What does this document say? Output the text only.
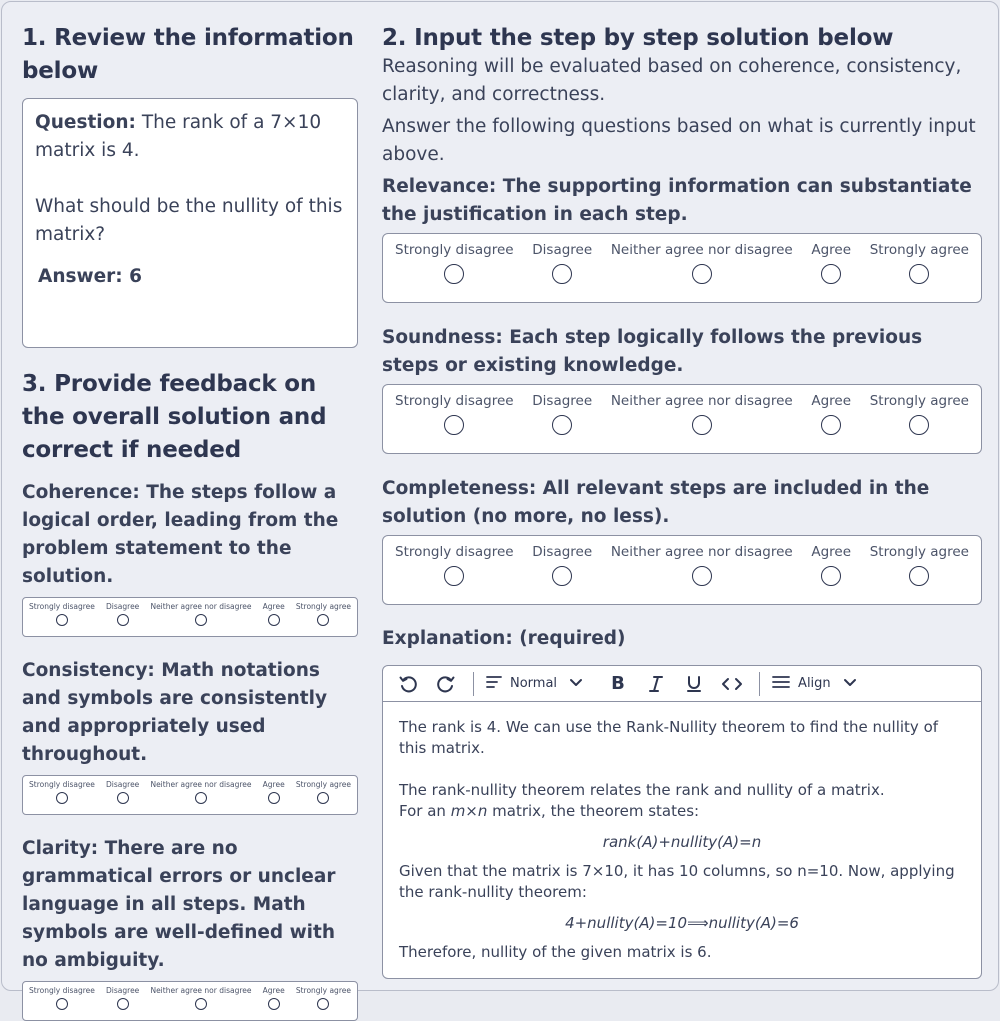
1. Review the information below
Question: The rank of a 7×10 matrix is 4.
What should be the nullity of this matrix?
Answer: 6
3. Provide feedback on the overall solution and correct if needed
Coherence: The steps follow a logical order, leading from the problem statement to the solution.
Strongly disagree Disagree Neither agree nor disagree Agree Strongly agree
Consistency: Math notations and symbols are consistently and appropriately used throughout.
Strongly disagree Disagree Neither agree nor disagree Agree Strongly agree
Clarity: There are no grammatical errors or unclear language in all steps. Math symbols are well-defined with no ambiguity.
Strongly disagree Disagree Neither agree nor disagree Agree Strongly agree
2. Input the step by step solution below
Reasoning will be evaluated based on coherence, consistency, clarity, and correctness.
Answer the following questions based on what is currently input above.
Relevance: The supporting information can substantiate the justification in each step.
Strongly disagree Disagree Neither agree nor disagree Agree Strongly agree
Soundness: Each step logically follows the previous steps or existing knowledge.
Strongly disagree Disagree Neither agree nor disagree Agree Strongly agree
Completeness: All relevant steps are included in the solution (no more, no less).
Strongly disagree Disagree Neither agree nor disagree Agree Strongly agree
Explanation: (required)
Normal	B	Align

The rank is 4. We can use the Rank-Nullity theorem to find the nullity of this matrix.

The rank-nullity theorem relates the rank and nullity of a matrix.

For an m×n matrix, the theorem states:

rank(A)+nullity(A)=n

Given that the matrix is 7×10, it has 10 columns, so n=10. Now, applying the rank-nullity theorem:

4+nullity(A)=10⟹nullity(A)=6

Therefore, nullity of the given matrix is 6.
